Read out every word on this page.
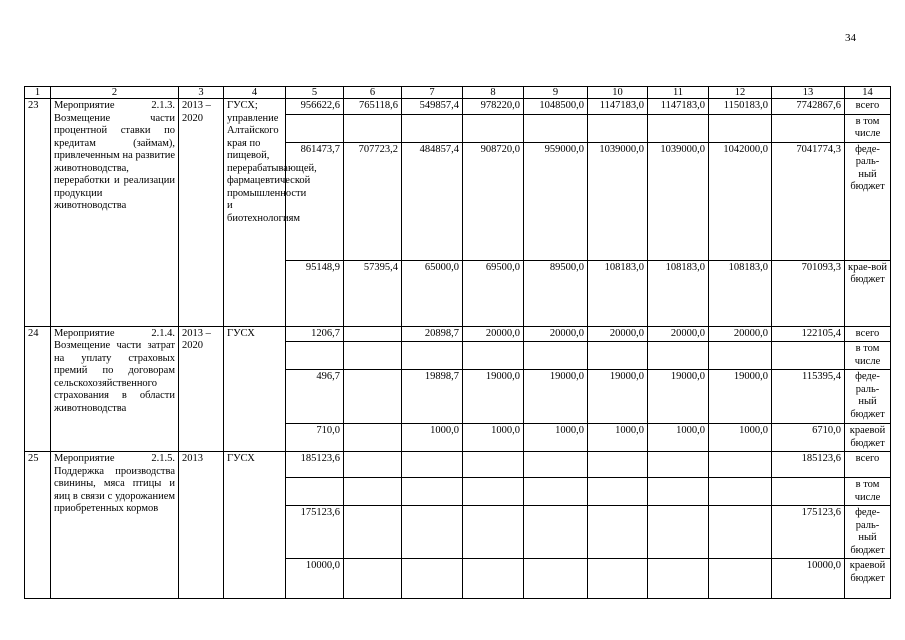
34
1	2	3	4	5	6	7	8	9	10	11	12	13	14
23	Мероприятие 2.1.3. Возмещение части процентной ставки по кредитам (займам), привлеченным на развитие животноводства, переработки и реализации продукции животноводства	2013 – 2020	ГУСХ; управление Алтайского края по пищевой, перерабатывающей, фармацевтической промышленности и биотехнологиям	956622,6	765118,6	549857,4	978220,0	1048500,0	1147183,0	1147183,0	1150183,0	7742867,6	всего
													в том числе
				861473,7	707723,2	484857,4	908720,0	959000,0	1039000,0	1039000,0	1042000,0	7041774,3	феде-раль-ный бюджет
				95148,9	57395,4	65000,0	69500,0	89500,0	108183,0	108183,0	108183,0	701093,3	крае-вой бюджет
24	Мероприятие 2.1.4. Возмещение части затрат на уплату страховых премий по договорам сельскохозяйственного страхования в области животноводства	2013 – 2020	ГУСХ	1206,7		20898,7	20000,0	20000,0	20000,0	20000,0	20000,0	122105,4	всего
													в том числе
				496,7		19898,7	19000,0	19000,0	19000,0	19000,0	19000,0	115395,4	феде-раль-ный бюджет
				710,0		1000,0	1000,0	1000,0	1000,0	1000,0	1000,0	6710,0	краевой бюджет
25	Мероприятие 2.1.5. Поддержка производства свинины, мяса птицы и яиц в связи с удорожанием приобретенных кормов	2013	ГУСХ	185123,6								185123,6	всего
													в том числе
				175123,6								175123,6	феде-раль-ный бюджет
				10000,0								10000,0	краевой бюджет
